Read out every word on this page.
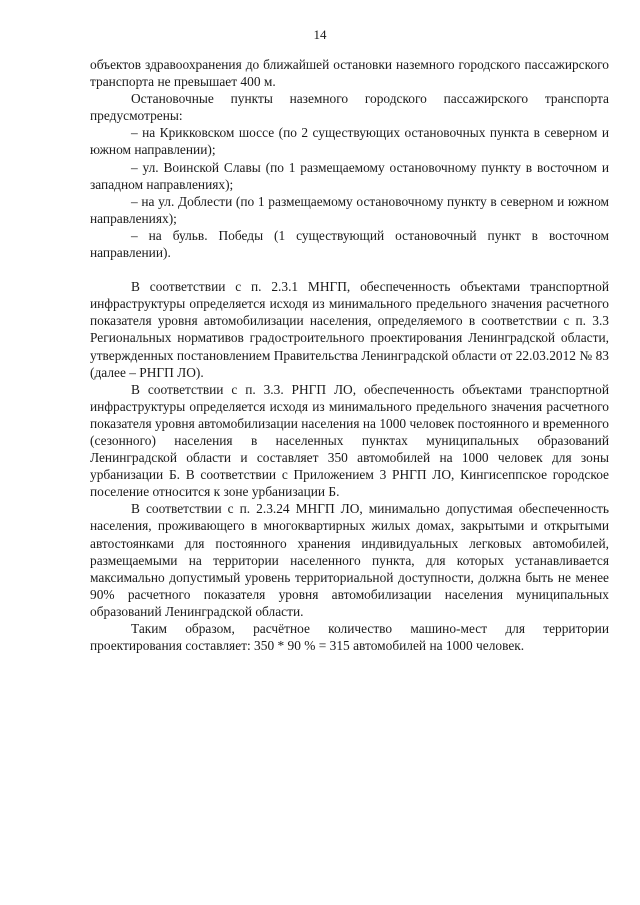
14

объектов здравоохранения до ближайшей остановки наземного городского пассажирского транспорта не превышает 400 м.

Остановочные пункты наземного городского пассажирского транспорта предусмотрены:

– на Крикковском шоссе (по 2 существующих остановочных пункта в северном и южном направлении);

– ул. Воинской Славы (по 1 размещаемому остановочному пункту в восточном и западном направлениях);

– на ул. Доблести (по 1 размещаемому остановочному пункту в северном и южном направлениях);

– на бульв. Победы (1 существующий остановочный пункт в восточном направлении).

В соответствии с п. 2.3.1 МНГП, обеспеченность объектами транспортной инфраструктуры определяется исходя из минимального предельного значения расчетного показателя уровня автомобилизации населения, определяемого в соответствии с п. 3.3 Региональных нормативов градостроительного проектирования Ленинградской области, утвержденных постановлением Правительства Ленинградской области от 22.03.2012 № 83 (далее – РНГП ЛО).

В соответствии с п. 3.3. РНГП ЛО, обеспеченность объектами транспортной инфраструктуры определяется исходя из минимального предельного значения расчетного показателя уровня автомобилизации населения на 1000 человек постоянного и временного (сезонного) населения в населенных пунктах муниципальных образований Ленинградской области и составляет 350 автомобилей на 1000 человек для зоны урбанизации Б. В соответствии с Приложением 3 РНГП ЛО, Кингисеппское городское поселение относится к зоне урбанизации Б.

В соответствии с п. 2.3.24 МНГП ЛО, минимально допустимая обеспеченность населения, проживающего в многоквартирных жилых домах, закрытыми и открытыми автостоянками для постоянного хранения индивидуальных легковых автомобилей, размещаемыми на территории населенного пункта, для которых устанавливается максимально допустимый уровень территориальной доступности, должна быть не менее 90% расчетного показателя уровня автомобилизации населения муниципальных образований Ленинградской области.

Таким образом, расчётное количество машино-мест для территории проектирования составляет: 350 * 90 % = 315 автомобилей на 1000 человек.
